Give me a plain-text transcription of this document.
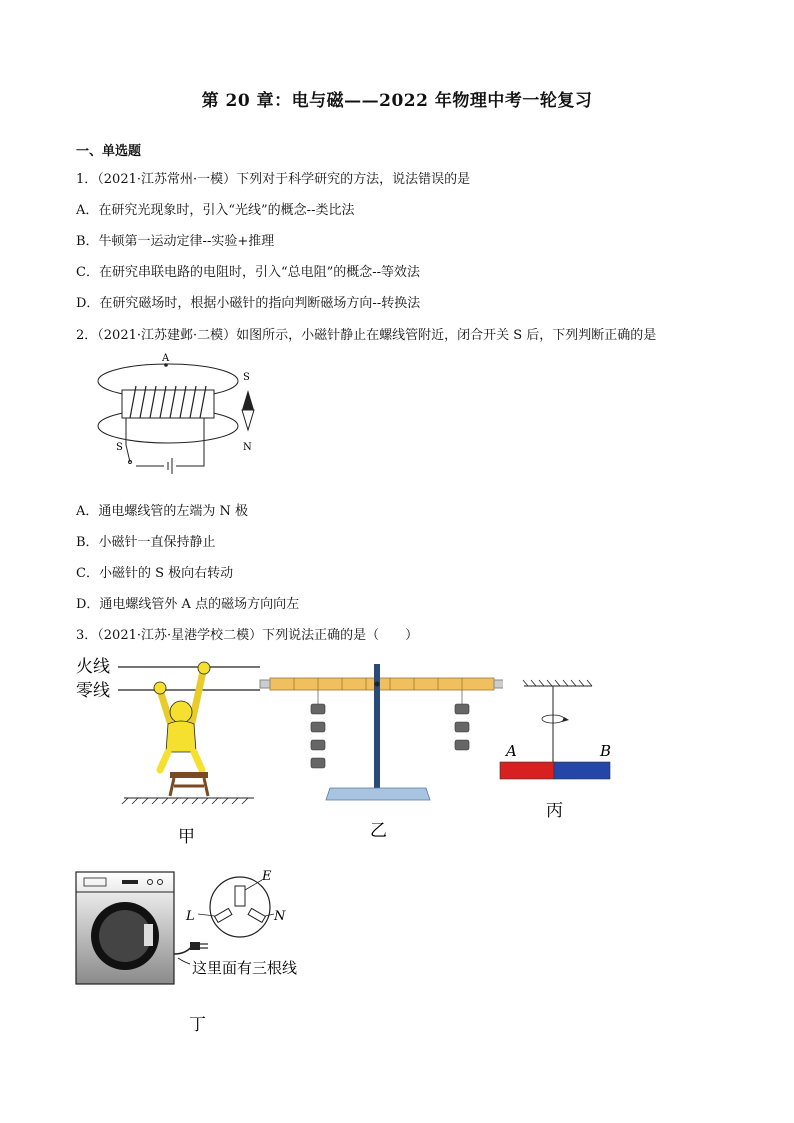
第 20 章：电与磁——2022 年物理中考一轮复习
一、单选题
1．（2021·江苏常州·一模）下列对于科学研究的方法，说法错误的是
A．在研究光现象时，引入“光线”的概念--类比法
B．牛顿第一运动定律--实验+推理
C．在研究串联电路的电阻时，引入“总电阻”的概念--等效法
D．在研究磁场时，根据小磁针的指向判断磁场方向--转换法
2．（2021·江苏建邺·二模）如图所示，小磁针静止在螺线管附近，闭合开关 S 后，下列判断正确的是
A
S
S
N
A．通电螺线管的左端为 N 极
B．小磁针一直保持静止
C．小磁针的 S 极向右转动
D．通电螺线管外 A 点的磁场方向向左
3．（2021·江苏·星港学校二模）下列说法正确的是（　　）
火线
零线
甲	乙
A	B
丙
这里面有三根线
E
L	N
丁
